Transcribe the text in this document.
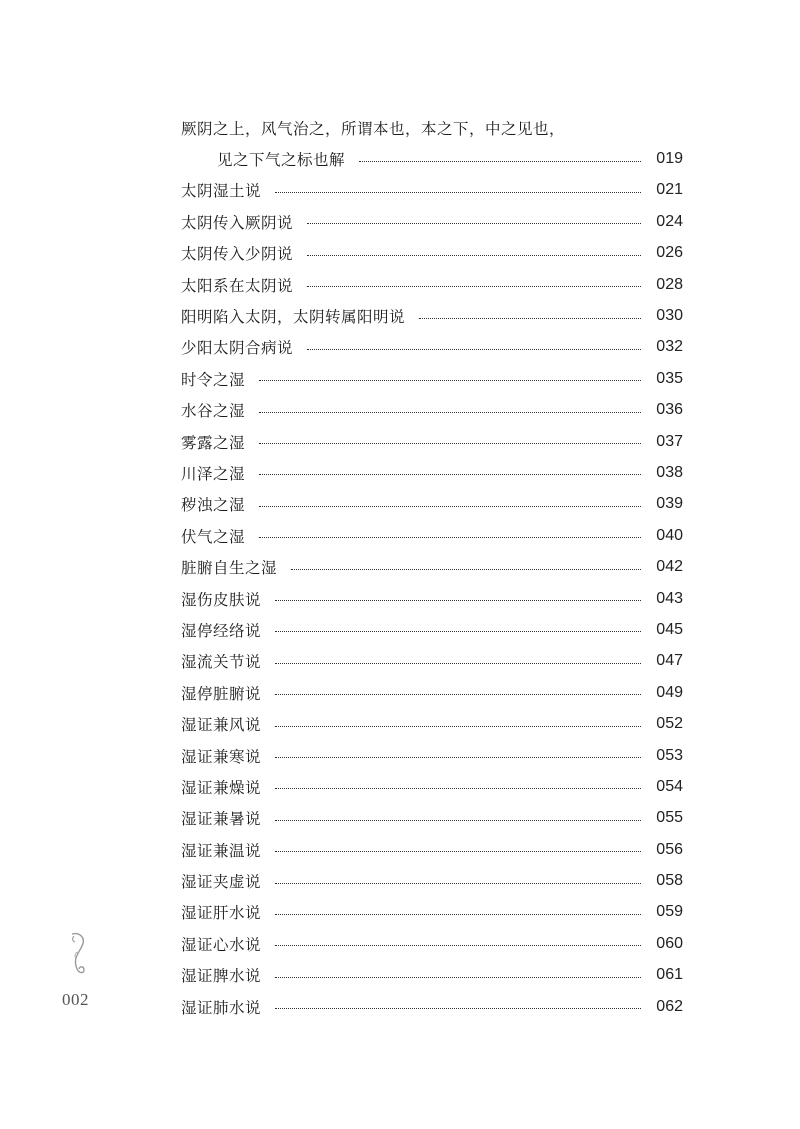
厥阴之上，风气治之，所谓本也，本之下，中之见也，
见之下气之标也解	019
太阴湿土说	021
太阴传入厥阴说	024
太阴传入少阴说	026
太阳系在太阴说	028
阳明陷入太阴，太阴转属阳明说	030
少阳太阴合病说	032
时令之湿	035
水谷之湿	036
雾露之湿	037
川泽之湿	038
秽浊之湿	039
伏气之湿	040
脏腑自生之湿	042
湿伤皮肤说	043
湿停经络说	045
湿流关节说	047
湿停脏腑说	049
湿证兼风说	052
湿证兼寒说	053
湿证兼燥说	054
湿证兼暑说	055
湿证兼温说	056
湿证夹虚说	058
湿证肝水说	059
湿证心水说	060
湿证脾水说	061
湿证肺水说	062
002
